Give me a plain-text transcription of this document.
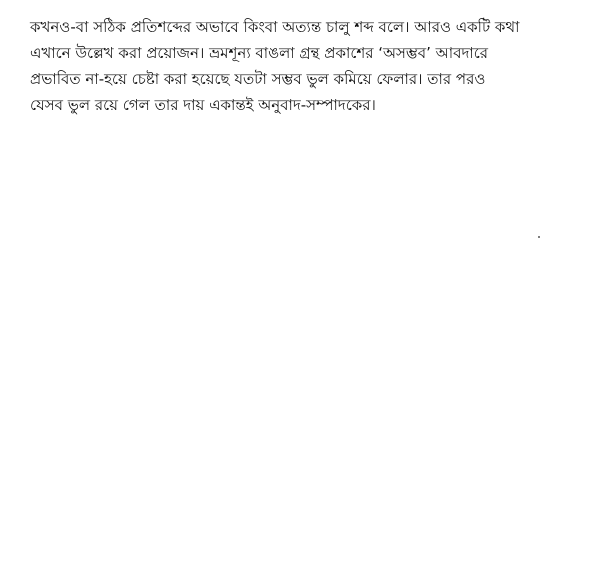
কখনও-বা সঠিক প্রতিশব্দের অভাবে কিংবা অত্যন্ত চালু শব্দ বলে। আরও একটি কথা
এখানে উল্লেখ করা প্রয়োজন। ভ্রমশূন্য বাঙলা গ্রন্থ প্রকাশের ‘অসম্ভব’ আবদারে
প্রভাবিত না-হয়ে চেষ্টা করা হয়েছে যতটা সম্ভব ভুল কমিয়ে ফেলার। তার পরও
যেসব ভুল রয়ে গেল তার দায় একান্তই অনুবাদ-সম্পাদকের।
